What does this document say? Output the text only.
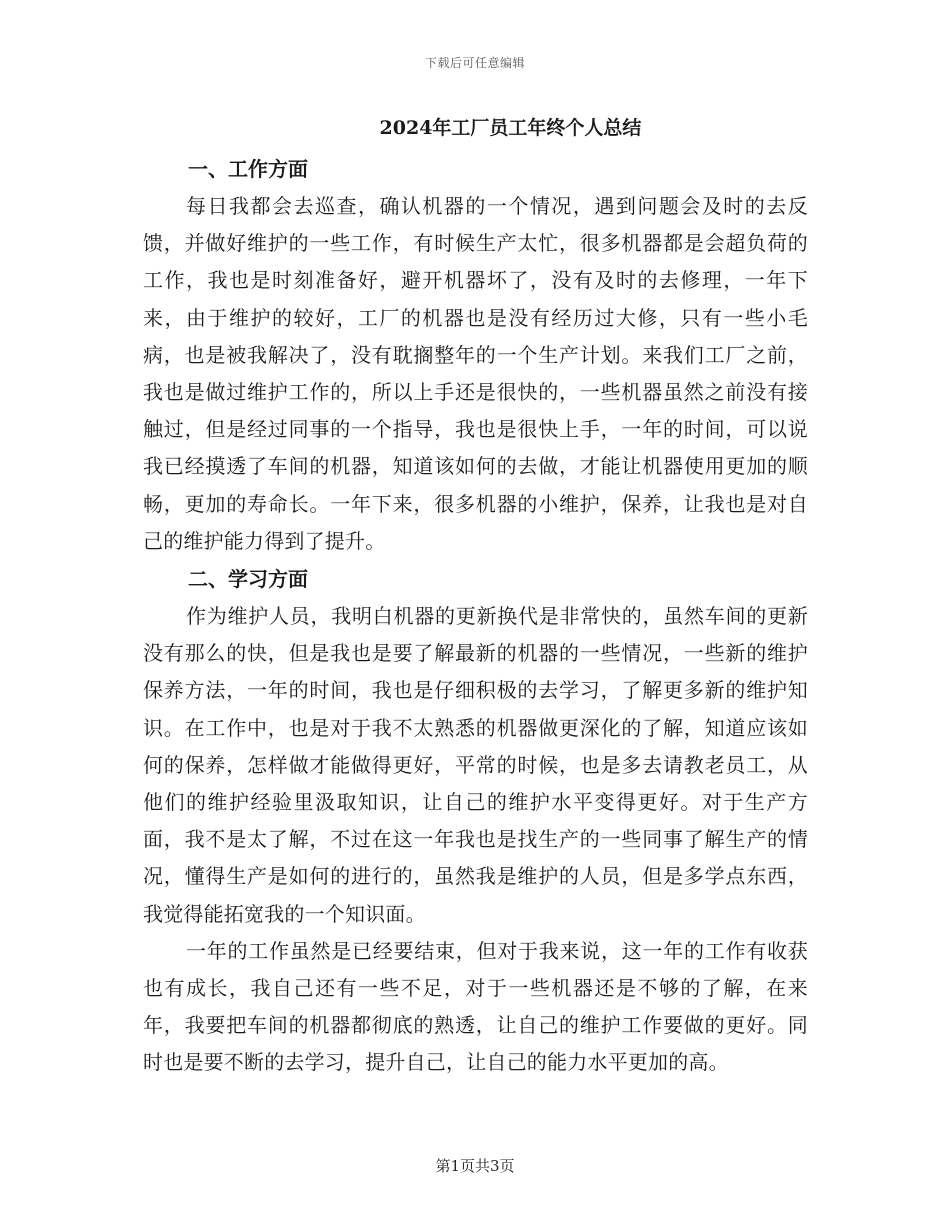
下载后可任意编辑
2024年工厂员工年终个人总结
一、工作方面

每日我都会去巡查，确认机器的一个情况，遇到问题会及时的去反馈，并做好维护的一些工作，有时候生产太忙，很多机器都是会超负荷的工作，我也是时刻准备好，避开机器坏了，没有及时的去修理，一年下来，由于维护的较好，工厂的机器也是没有经历过大修，只有一些小毛病，也是被我解决了，没有耽搁整年的一个生产计划。来我们工厂之前，我也是做过维护工作的，所以上手还是很快的，一些机器虽然之前没有接触过，但是经过同事的一个指导，我也是很快上手，一年的时间，可以说我已经摸透了车间的机器，知道该如何的去做，才能让机器使用更加的顺畅，更加的寿命长。一年下来，很多机器的小维护，保养，让我也是对自己的维护能力得到了提升。

二、学习方面

作为维护人员，我明白机器的更新换代是非常快的，虽然车间的更新没有那么的快，但是我也是要了解最新的机器的一些情况，一些新的维护保养方法，一年的时间，我也是仔细积极的去学习，了解更多新的维护知识。在工作中，也是对于我不太熟悉的机器做更深化的了解，知道应该如何的保养，怎样做才能做得更好，平常的时候，也是多去请教老员工，从他们的维护经验里汲取知识，让自己的维护水平变得更好。对于生产方面，我不是太了解，不过在这一年我也是找生产的一些同事了解生产的情况，懂得生产是如何的进行的，虽然我是维护的人员，但是多学点东西，我觉得能拓宽我的一个知识面。

一年的工作虽然是已经要结束，但对于我来说，这一年的工作有收获也有成长，我自己还有一些不足，对于一些机器还是不够的了解，在来年，我要把车间的机器都彻底的熟透，让自己的维护工作要做的更好。同时也是要不断的去学习，提升自己，让自己的能力水平更加的高。

第1页共3页
